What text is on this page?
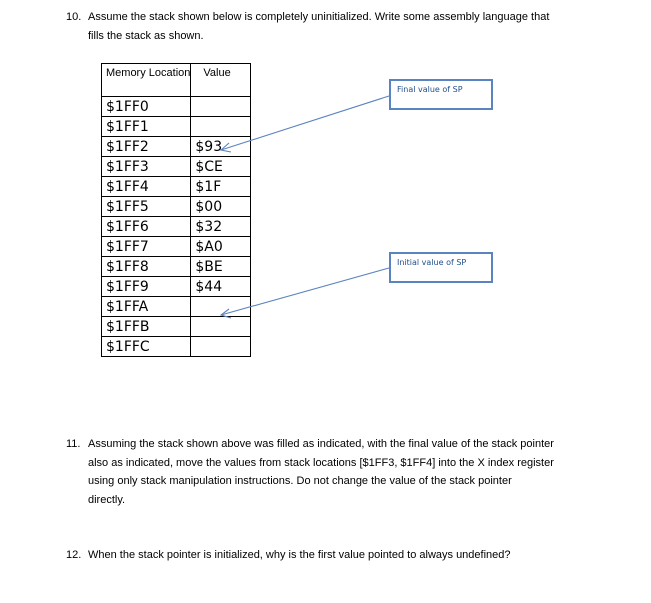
10. Assume the stack shown below is completely uninitialized. Write some assembly language that
fills the stack as shown.
Memory Location	Value
$1FF0	
$1FF1	
$1FF2	$93
$1FF3	$CE
$1FF4	$1F
$1FF5	$00
$1FF6	$32
$1FF7	$A0
$1FF8	$BE
$1FF9	$44
$1FFA	
$1FFB	
$1FFC	
Final value of SP
Initial value of SP
11. Assuming the stack shown above was filled as indicated, with the final value of the stack pointer
also as indicated, move the values from stack locations [$1FF3, $1FF4] into the X index register
using only stack manipulation instructions. Do not change the value of the stack pointer
directly.
12. When the stack pointer is initialized, why is the first value pointed to always undefined?
